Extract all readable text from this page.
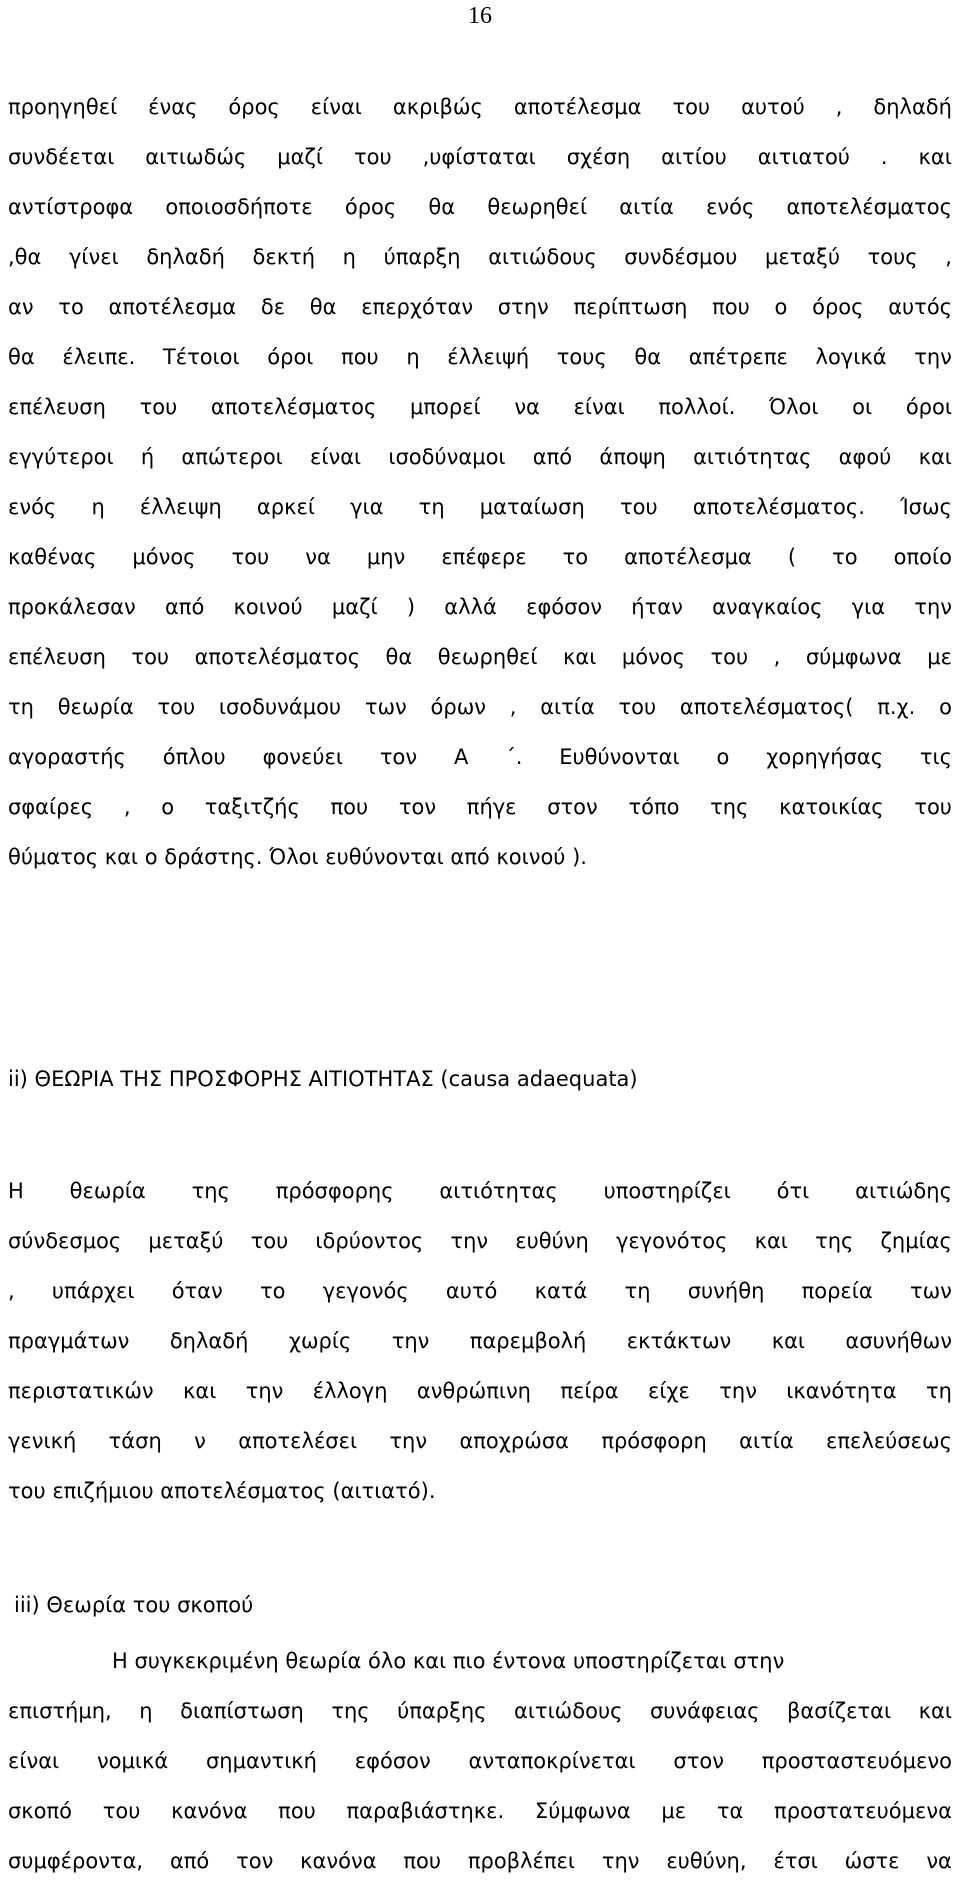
16
προηγηθεί ένας όρος είναι ακριβώς αποτέλεσμα του αυτού , δηλαδή
συνδέεται αιτιωδώς μαζί του ,υφίσταται σχέση αιτίου αιτιατού . και
αντίστροφα οποιοσδήποτε όρος θα θεωρηθεί αιτία ενός αποτελέσματος
,θα γίνει δηλαδή δεκτή η ύπαρξη αιτιώδους συνδέσμου μεταξύ τους ,
αν το αποτέλεσμα δε θα επερχόταν στην περίπτωση που ο όρος αυτός
θα έλειπε. Τέτοιοι όροι που η έλλειψή τους θα απέτρεπε λογικά την
επέλευση του αποτελέσματος μπορεί να είναι πολλοί. Όλοι οι όροι
εγγύτεροι ή απώτεροι είναι ισοδύναμοι από άποψη αιτιότητας αφού και
ενός η έλλειψη αρκεί για τη ματαίωση του αποτελέσματος. Ίσως
καθένας μόνος του να μην επέφερε το αποτέλεσμα ( το οποίο
προκάλεσαν από κοινού μαζί ) αλλά εφόσον ήταν αναγκαίος για την
επέλευση του αποτελέσματος θα θεωρηθεί και μόνος του , σύμφωνα με
τη θεωρία του ισοδυνάμου των όρων , αιτία του αποτελέσματος( π.χ. ο
αγοραστής όπλου φονεύει τον Α ΄. Ευθύνονται ο χορηγήσας τις
σφαίρες , ο ταξιτζής που τον πήγε στον τόπο της κατοικίας του
θύματος και ο δράστης. Όλοι ευθύνονται από κοινού ).
ii) ΘΕΩΡΙΑ ΤΗΣ ΠΡΟΣΦΟΡΗΣ ΑΙΤΙΟΤΗΤΑΣ (causa adaequata)
Η θεωρία της πρόσφορης αιτιότητας υποστηρίζει ότι αιτιώδης
σύνδεσμος μεταξύ του ιδρύοντος την ευθύνη γεγονότος και της ζημίας
, υπάρχει όταν το γεγονός αυτό κατά τη συνήθη πορεία των
πραγμάτων δηλαδή χωρίς την παρεμβολή εκτάκτων και ασυνήθων
περιστατικών και την έλλογη ανθρώπινη πείρα είχε την ικανότητα τη
γενική τάση ν αποτελέσει την αποχρώσα πρόσφορη αιτία επελεύσεως
του επιζήμιου αποτελέσματος (αιτιατό).
iii) Θεωρία του σκοπού
Η συγκεκριμένη θεωρία όλο και πιο έντονα υποστηρίζεται στην
επιστήμη, η διαπίστωση της ύπαρξης αιτιώδους συνάφειας βασίζεται και
είναι νομικά σημαντική εφόσον ανταποκρίνεται στον προσταστευόμενο
σκοπό του κανόνα που παραβιάστηκε. Σύμφωνα με τα προστατευόμενα
συμφέροντα, από τον κανόνα που προβλέπει την ευθύνη, έτσι ώστε να
